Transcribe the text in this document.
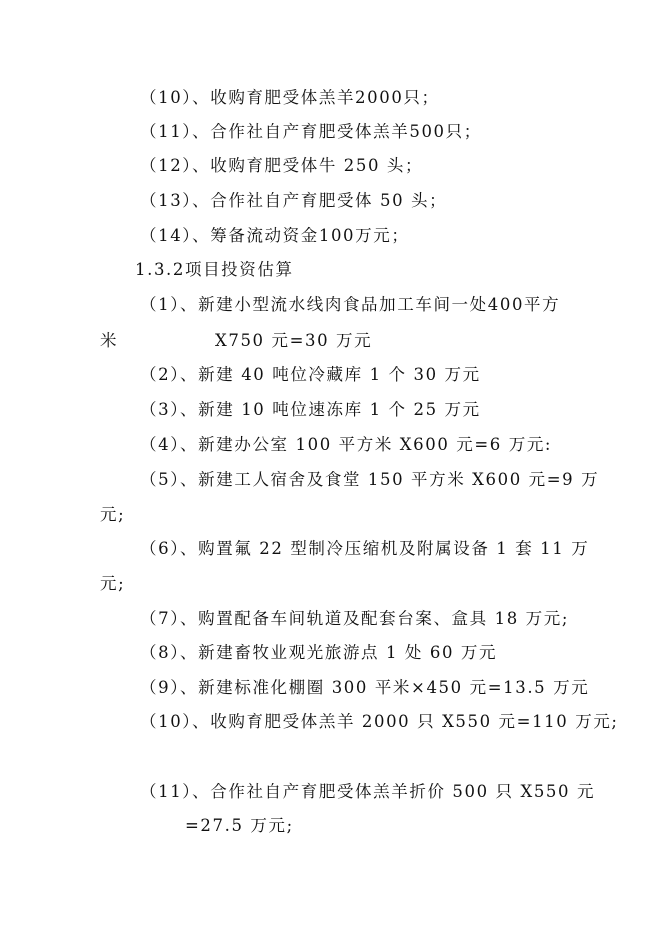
（10）、收购育肥受体羔羊2000只；
（11）、合作社自产育肥受体羔羊500只；
（12）、收购育肥受体牛 250 头；
（13）、合作社自产育肥受体 50 头；
（14）、筹备流动资金100万元；
1.3.2项目投资估算
（1）、新建小型流水线肉食品加工车间一处400平方
米	X750 元=30 万元
（2）、新建 40 吨位冷藏库 1 个 30 万元
（3）、新建 10 吨位速冻库 1 个 25 万元
（4）、新建办公室 100 平方米 X600 元=6 万元:
（5）、新建工人宿舍及食堂 150 平方米 X600 元=9 万
元;
（6）、购置氟 22 型制冷压缩机及附属设备 1 套 11 万
元;
（7）、购置配备车间轨道及配套台案、盒具 18 万元;
（8）、新建畜牧业观光旅游点 1 处 60 万元
（9）、新建标准化棚圈 300 平米×450 元=13.5 万元
（10）、收购育肥受体羔羊 2000 只 X550 元=110 万元;
（11）、合作社自产育肥受体羔羊折价 500 只 X550 元
=27.5 万元;
